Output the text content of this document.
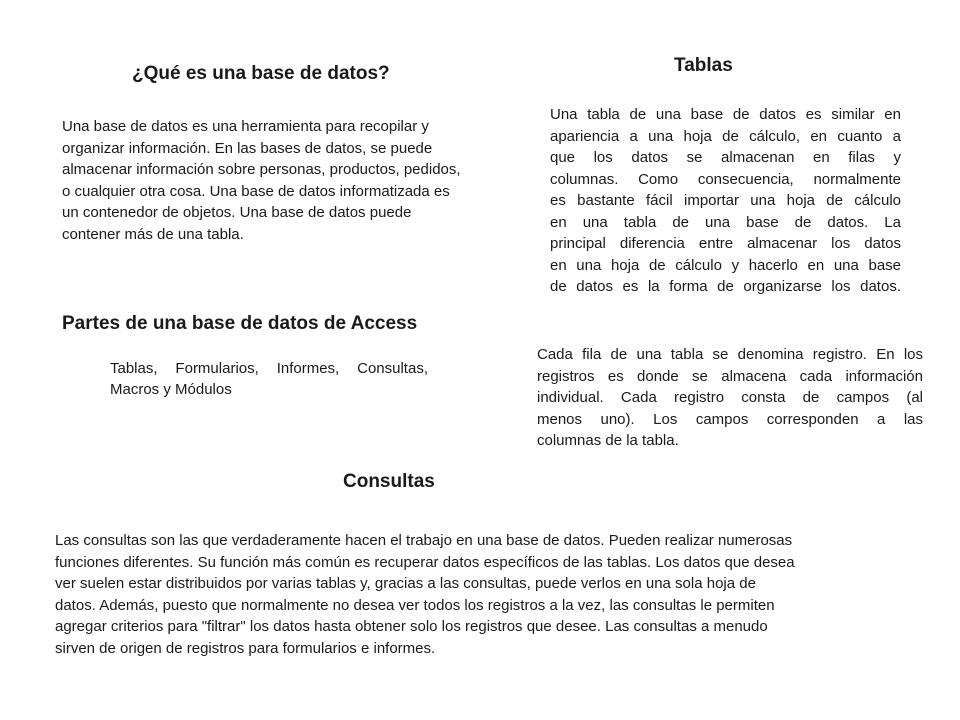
¿Qué es una base de datos?
Una base de datos es una herramienta para recopilar y
organizar información. En las bases de datos, se puede
almacenar información sobre personas, productos, pedidos,
o cualquier otra cosa. Una base de datos informatizada es
un contenedor de objetos. Una base de datos puede
contener más de una tabla.
Tablas
Una tabla de una base de datos es similar en
apariencia a una hoja de cálculo, en cuanto a
que los datos se almacenan en filas y
columnas. Como consecuencia, normalmente
es bastante fácil importar una hoja de cálculo
en una tabla de una base de datos. La
principal diferencia entre almacenar los datos
en una hoja de cálculo y hacerlo en una base
de datos es la forma de organizarse los datos.
Partes de una base de datos de Access
Tablas, Formularios, Informes, Consultas,
Macros y Módulos
Cada fila de una tabla se denomina registro. En los
registros es donde se almacena cada información
individual. Cada registro consta de campos (al
menos uno). Los campos corresponden a las
columnas de la tabla.
Consultas
Las consultas son las que verdaderamente hacen el trabajo en una base de datos. Pueden realizar numerosas
funciones diferentes. Su función más común es recuperar datos específicos de las tablas. Los datos que desea
ver suelen estar distribuidos por varias tablas y, gracias a las consultas, puede verlos en una sola hoja de
datos. Además, puesto que normalmente no desea ver todos los registros a la vez, las consultas le permiten
agregar criterios para "filtrar" los datos hasta obtener solo los registros que desee. Las consultas a menudo
sirven de origen de registros para formularios e informes.
